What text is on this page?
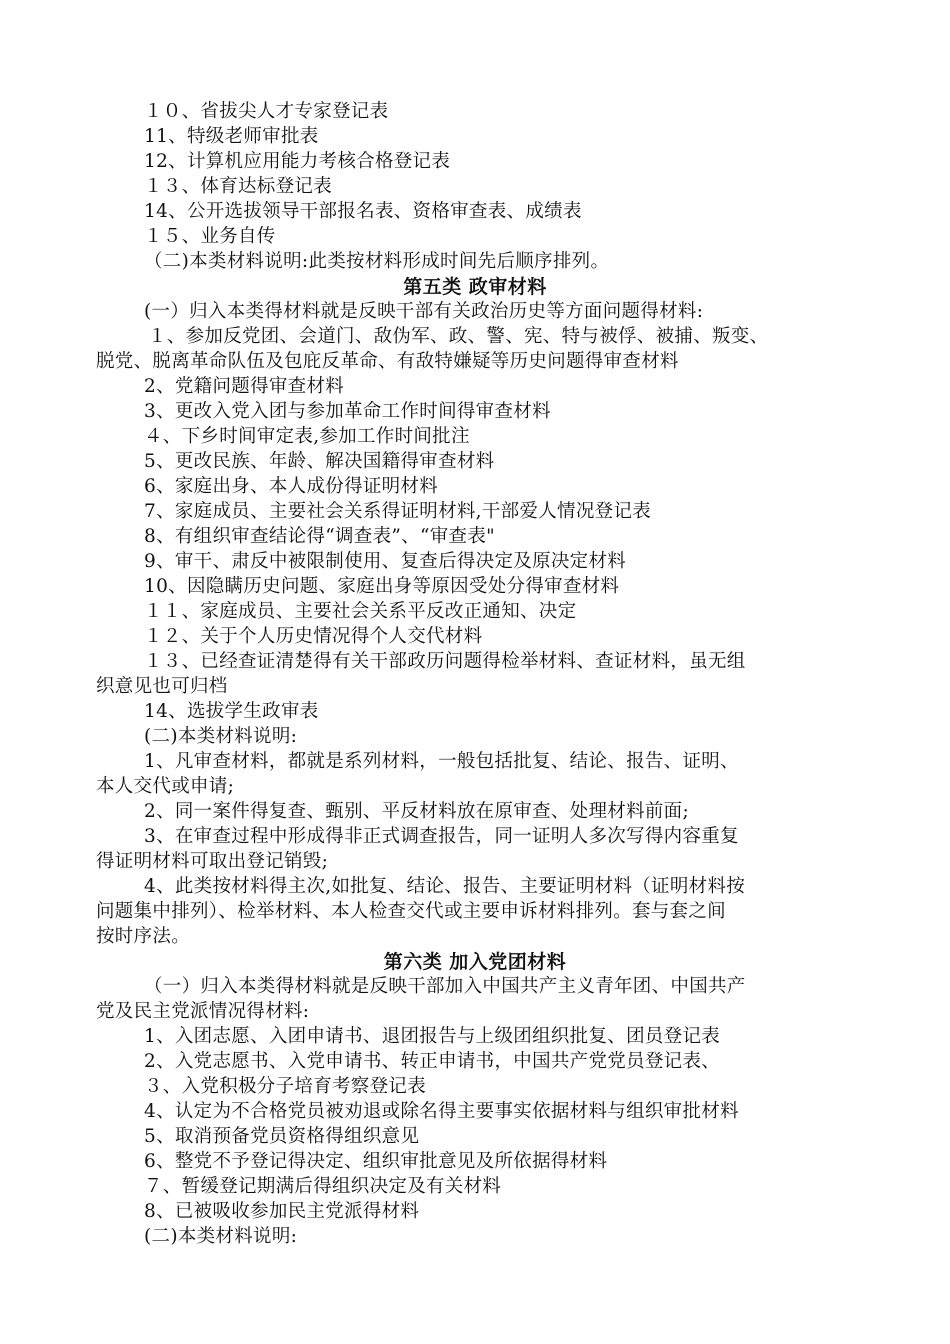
１０、省拔尖人才专家登记表
11、特级老师审批表
12、计算机应用能力考核合格登记表
１３、体育达标登记表
14、公开选拔领导干部报名表、资格审查表、成绩表
１５、业务自传
（二)本类材料说明:此类按材料形成时间先后顺序排列。
第五类 政审材料
(一）归入本类得材料就是反映干部有关政治历史等方面问题得材料:
１、参加反党团、会道门、敌伪军、政、警、宪、特与被俘、被捕、叛变、
脱党、脱离革命队伍及包庇反革命、有敌特嫌疑等历史问题得审查材料
2、党籍问题得审查材料
3、更改入党入团与参加革命工作时间得审查材料
４、下乡时间审定表,参加工作时间批注
5、更改民族、年龄、解决国籍得审查材料
6、家庭出身、本人成份得证明材料
7、家庭成员、主要社会关系得证明材料,干部爱人情况登记表
8、有组织审查结论得“调查表”、“审查表"
9、审干、肃反中被限制使用、复查后得决定及原决定材料
10、因隐瞒历史问题、家庭出身等原因受处分得审查材料
１１、家庭成员、主要社会关系平反改正通知、决定
１２、关于个人历史情况得个人交代材料
１３、已经查证清楚得有关干部政历问题得检举材料、查证材料，虽无组
织意见也可归档
14、选拔学生政审表
(二)本类材料说明:
1、凡审查材料，都就是系列材料，一般包括批复、结论、报告、证明、
本人交代或申请;
2、同一案件得复查、甄别、平反材料放在原审查、处理材料前面;
3、在审查过程中形成得非正式调查报告，同一证明人多次写得内容重复
得证明材料可取出登记销毁;
4、此类按材料得主次,如批复、结论、报告、主要证明材料（证明材料按
问题集中排列）、检举材料、本人检查交代或主要申诉材料排列。套与套之间
按时序法。
第六类 加入党团材料
（一）归入本类得材料就是反映干部加入中国共产主义青年团、中国共产
党及民主党派情况得材料:
1、入团志愿、入团申请书、退团报告与上级团组织批复、团员登记表
2、入党志愿书、入党申请书、转正申请书，中国共产党党员登记表、
３、入党积极分子培育考察登记表
4、认定为不合格党员被劝退或除名得主要事实依据材料与组织审批材料
5、取消预备党员资格得组织意见
6、整党不予登记得决定、组织审批意见及所依据得材料
７、暂缓登记期满后得组织决定及有关材料
8、已被吸收参加民主党派得材料
(二)本类材料说明:
